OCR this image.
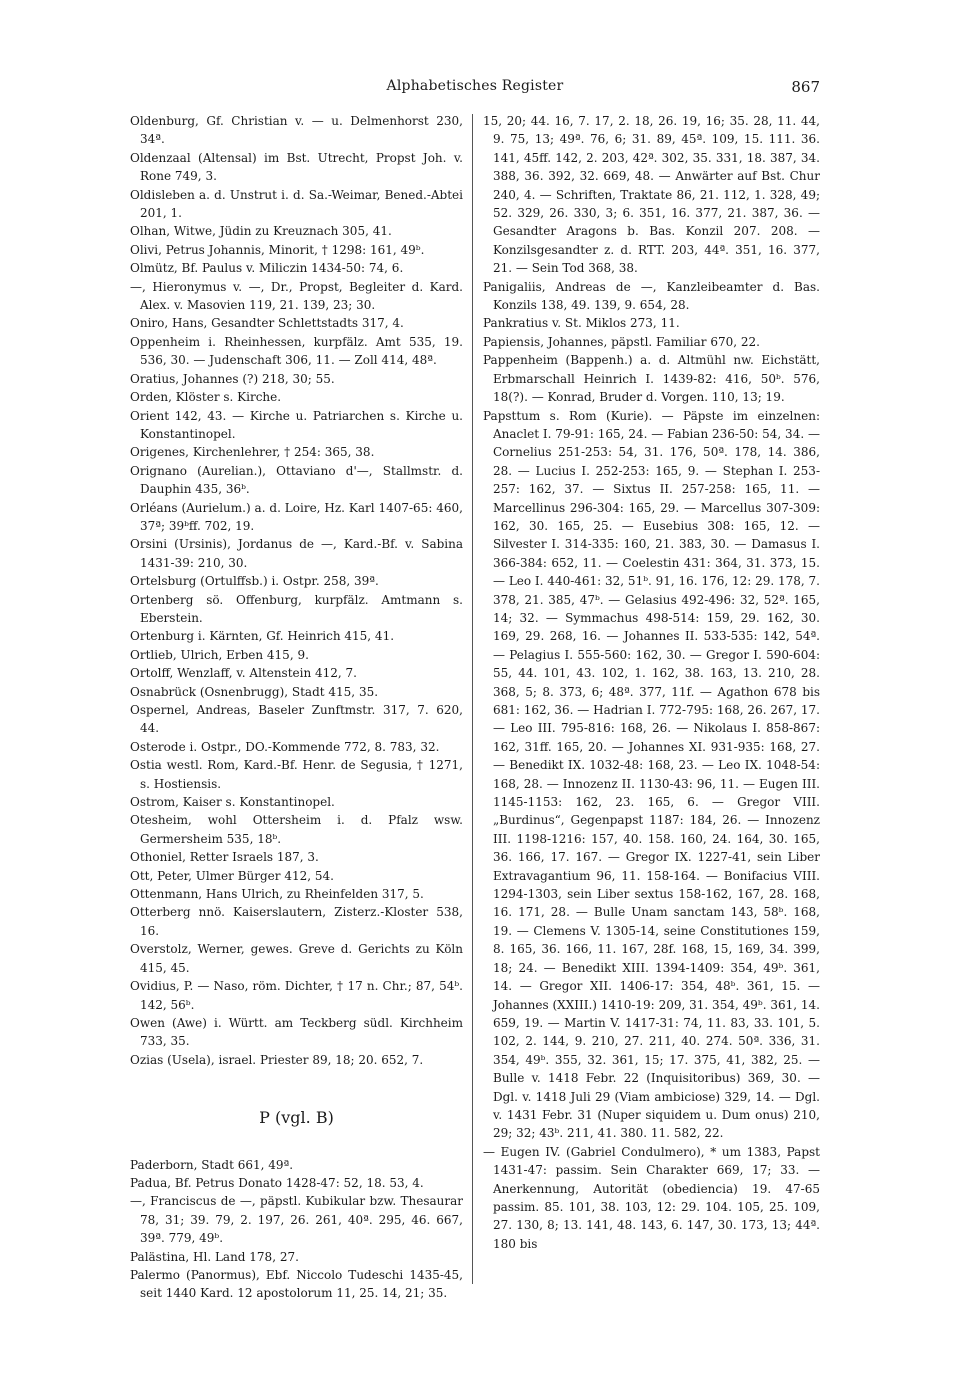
Alphabetisches Register	867

Oldenburg, Gf. Christian v. — u. Delmenhorst 230, 34ª.

Oldenzaal (Altensal) im Bst. Utrecht, Propst Joh. v. Rone 749, 3.

Oldisleben a. d. Unstrut i. d. Sa.-Weimar, Bened.-Abtei 201, 1.

Olhan, Witwe, Jüdin zu Kreuznach 305, 41.

Olivi, Petrus Johannis, Minorit, † 1298: 161, 49ᵇ.

Olmütz, Bf. Paulus v. Miliczin 1434-50: 74, 6.

—, Hieronymus v. —, Dr., Propst, Begleiter d. Kard. Alex. v. Masovien 119, 21. 139, 23; 30.

Oniro, Hans, Gesandter Schlettstadts 317, 4.

Oppenheim i. Rheinhessen, kurpfälz. Amt 535, 19. 536, 30. — Judenschaft 306, 11. — Zoll 414, 48ª.

Oratius, Johannes (?) 218, 30; 55.

Orden, Klöster s. Kirche.

Orient 142, 43. — Kirche u. Patriarchen s. Kirche u. Konstantinopel.

Origenes, Kirchenlehrer, † 254: 365, 38.

Orignano (Aurelian.), Ottaviano d'—, Stallmstr. d. Dauphin 435, 36ᵇ.

Orléans (Aurielum.) a. d. Loire, Hz. Karl 1407-65: 460, 37ª; 39ᵇff. 702, 19.

Orsini (Ursinis), Jordanus de —, Kard.-Bf. v. Sabina 1431-39: 210, 30.

Ortelsburg (Ortulffsb.) i. Ostpr. 258, 39ª.

Ortenberg sö. Offenburg, kurpfälz. Amtmann s. Eberstein.

Ortenburg i. Kärnten, Gf. Heinrich 415, 41.

Ortlieb, Ulrich, Erben 415, 9.

Ortolff, Wenzlaff, v. Altenstein 412, 7.

Osnabrück (Osnenbrugg), Stadt 415, 35.

Ospernel, Andreas, Baseler Zunftmstr. 317, 7. 620, 44.

Osterode i. Ostpr., DO.-Kommende 772, 8. 783, 32.

Ostia westl. Rom, Kard.-Bf. Henr. de Segusia, † 1271, s. Hostiensis.

Ostrom, Kaiser s. Konstantinopel.

Otesheim, wohl Ottersheim i. d. Pfalz wsw. Germersheim 535, 18ᵇ.

Othoniel, Retter Israels 187, 3.

Ott, Peter, Ulmer Bürger 412, 54.

Ottenmann, Hans Ulrich, zu Rheinfelden 317, 5.

Otterberg nnö. Kaiserslautern, Zisterz.-Kloster 538, 16.

Overstolz, Werner, gewes. Greve d. Gerichts zu Köln 415, 45.

Ovidius, P. — Naso, röm. Dichter, † 17 n. Chr.; 87, 54ᵇ. 142, 56ᵇ.

Owen (Awe) i. Württ. am Teckberg südl. Kirchheim 733, 35.

Ozias (Usela), israel. Priester 89, 18; 20. 652, 7.

P (vgl. B)

Paderborn, Stadt 661, 49ª.

Padua, Bf. Petrus Donato 1428-47: 52, 18. 53, 4.

—, Franciscus de —, päpstl. Kubikular bzw. Thesaurar 78, 31; 39. 79, 2. 197, 26. 261, 40ª. 295, 46. 667, 39ª. 779, 49ᵇ.

Palästina, Hl. Land 178, 27.

Palermo (Panormus), Ebf. Niccolo Tudeschi 1435-45, seit 1440 Kard. 12 apostolorum 11, 25. 14, 21; 35.

15, 20; 44. 16, 7. 17, 2. 18, 26. 19, 16; 35. 28, 11. 44, 9. 75, 13; 49ª. 76, 6; 31. 89, 45ª. 109, 15. 111. 36. 141, 45ff. 142, 2. 203, 42ª. 302, 35. 331, 18. 387, 34. 388, 36. 392, 32. 669, 48. — Anwärter auf Bst. Chur 240, 4. — Schriften, Traktate 86, 21. 112, 1. 328, 49; 52. 329, 26. 330, 3; 6. 351, 16. 377, 21. 387, 36. — Gesandter Aragons b. Bas. Konzil 207. 208. — Konzilsgesandter z. d. RTT. 203, 44ª. 351, 16. 377, 21. — Sein Tod 368, 38.

Panigaliis, Andreas de —, Kanzleibeamter d. Bas. Konzils 138, 49. 139, 9. 654, 28.

Pankratius v. St. Miklos 273, 11.

Papiensis, Johannes, päpstl. Familiar 670, 22.

Pappenheim (Bappenh.) a. d. Altmühl nw. Eichstätt, Erbmarschall Heinrich I. 1439-82: 416, 50ᵇ. 576, 18(?). — Konrad, Bruder d. Vorgen. 110, 13; 19.

Papsttum s. Rom (Kurie). — Päpste im einzelnen: Anaclet I. 79-91: 165, 24. — Fabian 236-50: 54, 34. — Cornelius 251-253: 54, 31. 176, 50ª. 178, 14. 386, 28. — Lucius I. 252-253: 165, 9. — Stephan I. 253-257: 162, 37. — Sixtus II. 257-258: 165, 11. — Marcellinus 296-304: 165, 29. — Marcellus 307-309: 162, 30. 165, 25. — Eusebius 308: 165, 12. — Silvester I. 314-335: 160, 21. 383, 30. — Damasus I. 366-384: 652, 11. — Coelestin 431: 364, 31. 373, 15. — Leo I. 440-461: 32, 51ᵇ. 91, 16. 176, 12: 29. 178, 7. 378, 21. 385, 47ᵇ. — Gelasius 492-496: 32, 52ª. 165, 14; 32. — Symmachus 498-514: 159, 29. 162, 30. 169, 29. 268, 16. — Johannes II. 533-535: 142, 54ª. — Pelagius I. 555-560: 162, 30. — Gregor I. 590-604: 55, 44. 101, 43. 102, 1. 162, 38. 163, 13. 210, 28. 368, 5; 8. 373, 6; 48ª. 377, 11f. — Agathon 678 bis 681: 162, 36. — Hadrian I. 772-795: 168, 26. 267, 17. — Leo III. 795-816: 168, 26. — Nikolaus I. 858-867: 162, 31ff. 165, 20. — Johannes XI. 931-935: 168, 27. — Benedikt IX. 1032-48: 168, 23. — Leo IX. 1048-54: 168, 28. — Innozenz II. 1130-43: 96, 11. — Eugen III. 1145-1153: 162, 23. 165, 6. — Gregor VIII. „Burdinus“, Gegenpapst 1187: 184, 26. — Innozenz III. 1198-1216: 157, 40. 158. 160, 24. 164, 30. 165, 36. 166, 17. 167. — Gregor IX. 1227-41, sein Liber Extravagantium 96, 11. 158-164. — Bonifacius VIII. 1294-1303, sein Liber sextus 158-162, 167, 28. 168, 16. 171, 28. — Bulle Unam sanctam 143, 58ᵇ. 168, 19. — Clemens V. 1305-14, seine Constitutiones 159, 8. 165, 36. 166, 11. 167, 28f. 168, 15, 169, 34. 399, 18; 24. — Benedikt XIII. 1394-1409: 354, 49ᵇ. 361, 14. — Gregor XII. 1406-17: 354, 48ᵇ. 361, 15. — Johannes (XXIII.) 1410-19: 209, 31. 354, 49ᵇ. 361, 14. 659, 19. — Martin V. 1417-31: 74, 11. 83, 33. 101, 5. 102, 2. 144, 9. 210, 27. 211, 40. 274. 50ª. 336, 31. 354, 49ᵇ. 355, 32. 361, 15; 17. 375, 41, 382, 25. — Bulle v. 1418 Febr. 22 (Inquisitoribus) 369, 30. — Dgl. v. 1418 Juli 29 (Viam ambiciose) 329, 14. — Dgl. v. 1431 Febr. 31 (Nuper siquidem u. Dum onus) 210, 29; 32; 43ᵇ. 211, 41. 380. 11. 582, 22.

— Eugen IV. (Gabriel Condulmero), * um 1383, Papst 1431-47: passim. Sein Charakter 669, 17; 33. — Anerkennung, Autorität (obediencia) 19. 47-65 passim. 85. 101, 38. 103, 12: 29. 104. 105, 25. 109, 27. 130, 8; 13. 141, 48. 143, 6. 147, 30. 173, 13; 44ª. 180 bis
